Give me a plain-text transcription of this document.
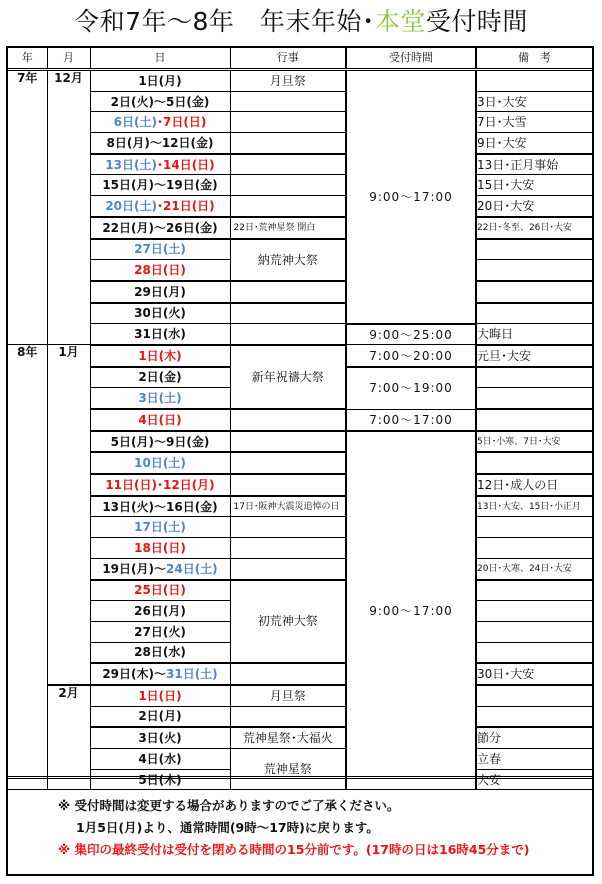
令和7年～8年　年末年始･本堂受付時間
年	月	日	行事	受付時間	備　考
7年	12月	1日(月)	月旦祭	9:00～17:00	
		2日(火)～5日(金)			3日･大安
		6日(土)･7日(日)			7日･大雪
		8日(月)～12日(金)			9日･大安
		13日(土)･14日(日)			13日･正月事始
		15日(月)～19日(金)			15日･大安
		20日(土)･21日(日)			20日･大安
		22日(月)～26日(金)	22日･荒神星祭 開白		22日･冬至、26日･大安
		27日(土)	納荒神大祭		
		28日(日)			
		29日(月)			
		30日(火)			
		31日(水)		9:00～25:00	大晦日
8年	1月	1日(木)	新年祝禱大祭	7:00～20:00	元旦･大安
		2日(金)		7:00～19:00	
		3日(土)			
		4日(日)		7:00～17:00	
		5日(月)～9日(金)		9:00～17:00	5日･小寒、7日･大安
		10日(土)			
		11日(日)･12日(月)			12日･成人の日
		13日(火)～16日(金)	17日･阪神大震災追悼の日		13日･大安、15日･小正月
		17日(土)			
		18日(日)			
		19日(月)～24日(土)			20日･大寒、24日･大安
		25日(日)	初荒神大祭		
		26日(月)			
		27日(火)			
		28日(水)			
		29日(木)～31日(土)			30日･大安
	2月	1日(日)	月旦祭		
		2日(月)			
		3日(火)	荒神星祭･大福火		節分
		4日(水)	荒神星祭		立春
		5日(木)			大安

※ 受付時間は変更する場合がありますのでご了承ください。

1月5日(月)より、通常時間(9時～17時)に戻ります。

※ 集印の最終受付は受付を閉める時間の15分前です。(17時の日は16時45分まで)
